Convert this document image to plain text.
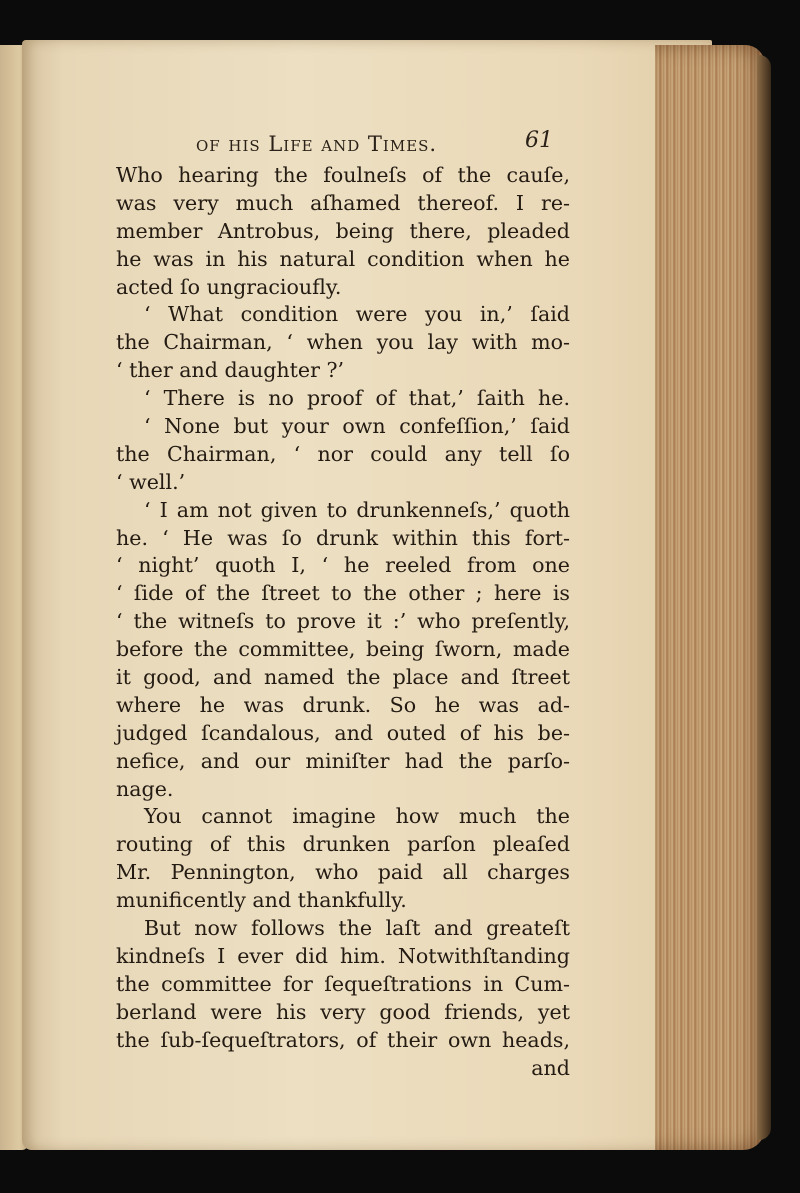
of his Life and Times.	61
Who hearing the foulneſs of the cauſe,
was very much aſhamed thereof. I re-
member Antrobus, being there, pleaded
he was in his natural condition when he
acted ſo ungracioufly.
‘ What condition were you in,’ ſaid
the Chairman, ‘ when you lay with mo-
‘ ther and daughter ?’
‘ There is no proof of that,’ ſaith he.
‘ None but your own confeſſion,’ ſaid
the Chairman, ‘ nor could any tell ſo
‘ well.’
‘ I am not given to drunkenneſs,’ quoth
he. ‘ He was ſo drunk within this fort-
‘ night’ quoth I, ‘ he reeled from one
‘ ſide of the ſtreet to the other ; here is
‘ the witneſs to prove it :’ who preſently,
before the committee, being ſworn, made
it good, and named the place and ſtreet
where he was drunk. So he was ad-
judged ſcandalous, and outed of his be-
nefice, and our miniſter had the parſo-
nage.
You cannot imagine how much the
routing of this drunken parſon pleaſed
Mr. Pennington, who paid all charges
munificently and thankfully.
But now follows the laſt and greateſt
kindneſs I ever did him. Notwithſtanding
the committee for ſequeſtrations in Cum-
berland were his very good friends, yet
the ſub-ſequeſtrators, of their own heads,
and
